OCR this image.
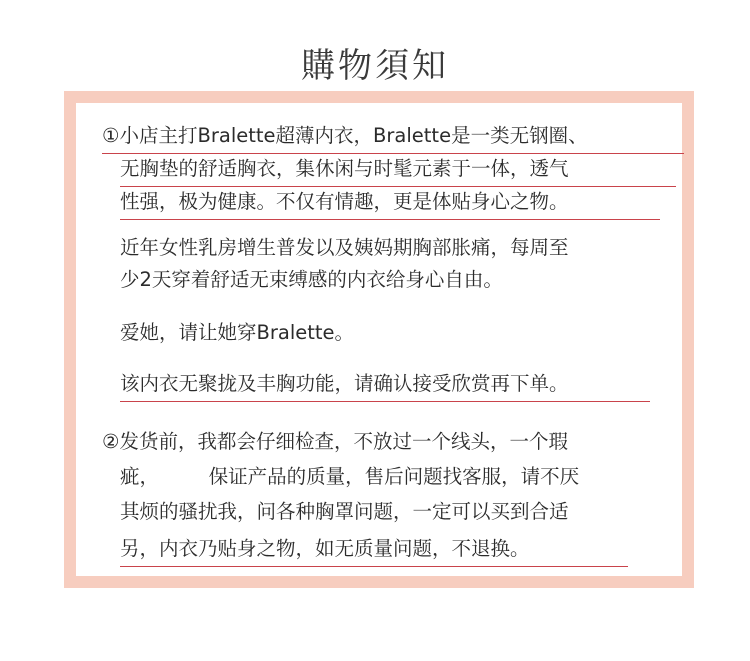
購物須知
①小店主打Bralette超薄内衣，Bralette是一类无钢圈、
无胸垫的舒适胸衣，集休闲与时髦元素于一体，透气
性强，极为健康。不仅有情趣，更是体贴身心之物。
近年女性乳房增生普发以及姨妈期胸部胀痛，每周至
少2天穿着舒适无束缚感的内衣给身心自由。
爱她，请让她穿Bralette。
该内衣无聚拢及丰胸功能，请确认接受欣赏再下单。
②发货前，我都会仔细检查，不放过一个线头，一个瑕
疵，        保证产品的质量，售后问题找客服，请不厌
其烦的骚扰我，问各种胸罩问题，一定可以买到合适
另，内衣乃贴身之物，如无质量问题，不退换。
